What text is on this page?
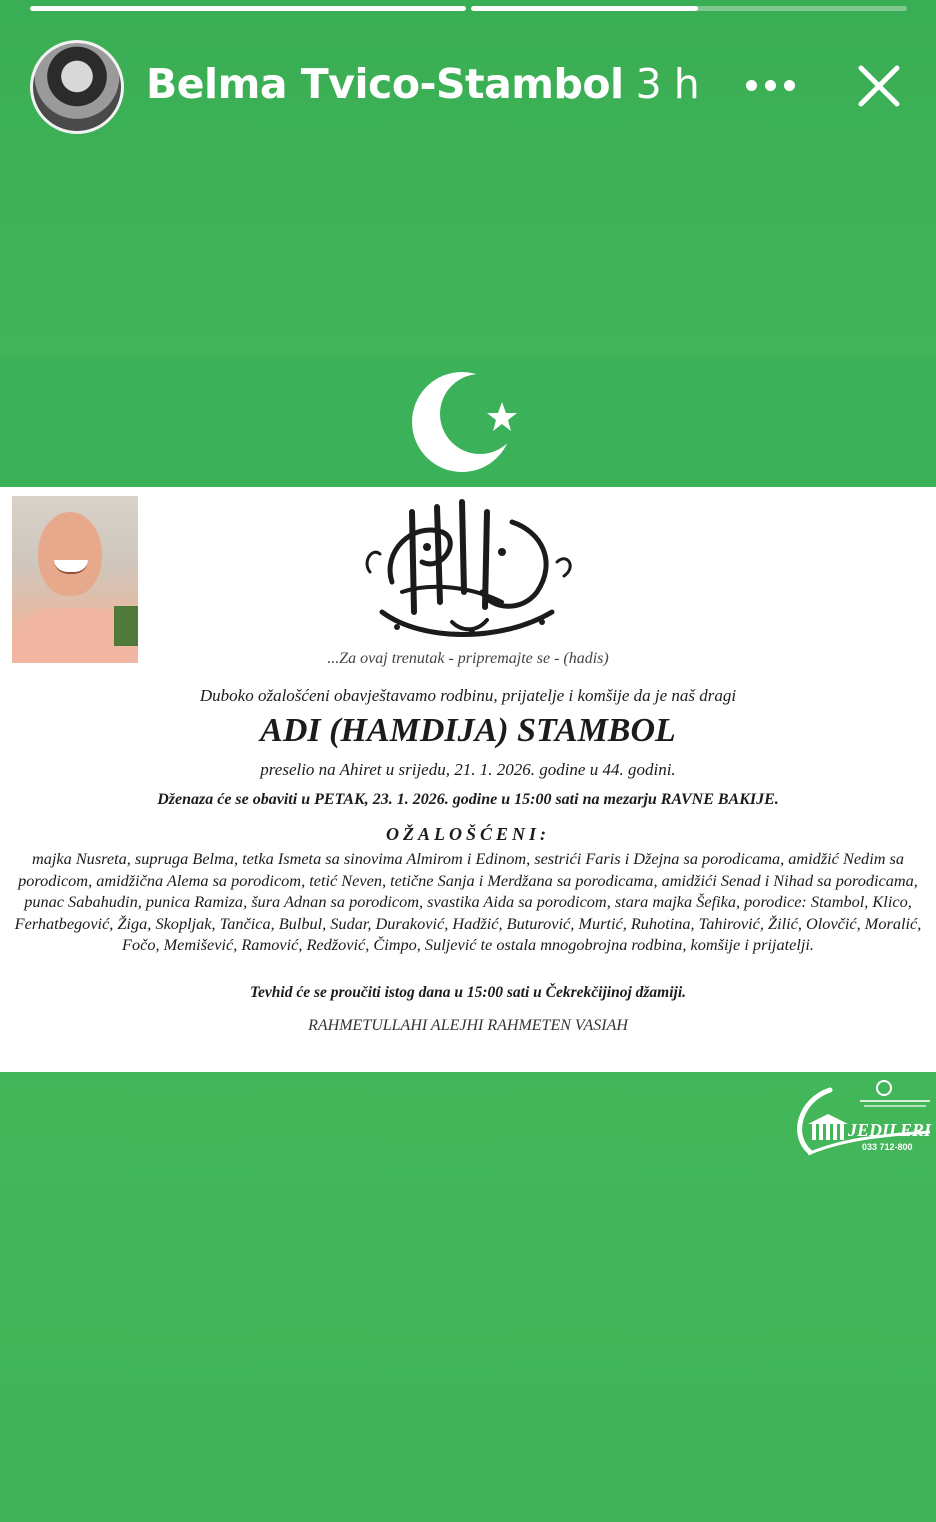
Belma Tvico-Stambol 3 h
...Za ovaj trenutak - pripremajte se - (hadis)
Duboko ožalošćeni obavještavamo rodbinu, prijatelje i komšije da je naš dragi
ADI (HAMDIJA) STAMBOL
preselio na Ahiret u srijedu, 21. 1. 2026. godine u 44. godini.
Dženaza će se obaviti u PETAK, 23. 1. 2026. godine u 15:00 sati na mezarju RAVNE BAKIJE.
OŽALOŠĆENI:
majka Nusreta, supruga Belma, tetka Ismeta sa sinovima Almirom i Edinom, sestrići Faris i Džejna sa porodicama, amidžić Nedim sa porodicom, amidžična Alema sa porodicom, tetić Neven, tetične Sanja i Merdžana sa porodicama, amidžići Senad i Nihad sa porodicama, punac Sabahudin, punica Ramiza, šura Adnan sa porodicom, svastika Aida sa porodicom, stara majka Šefika, porodice: Stambol, Klico, Ferhatbegović, Žiga, Skopljak, Tančica, Bulbul, Sudar, Duraković, Hadžić, Buturović, Murtić, Ruhotina, Tahirović, Žilić, Olovčić, Moralić, Fočo, Memišević, Ramović, Redžović, Čimpo, Suljević te ostala mnogobrojna rodbina, komšije i prijatelji.
Tevhid će se proučiti istog dana u 15:00 sati u Čekrekčijinoj džamiji.
RAHMETULLAHI ALEJHI RAHMETEN VASIAH
JEDILERI
033 712-800
